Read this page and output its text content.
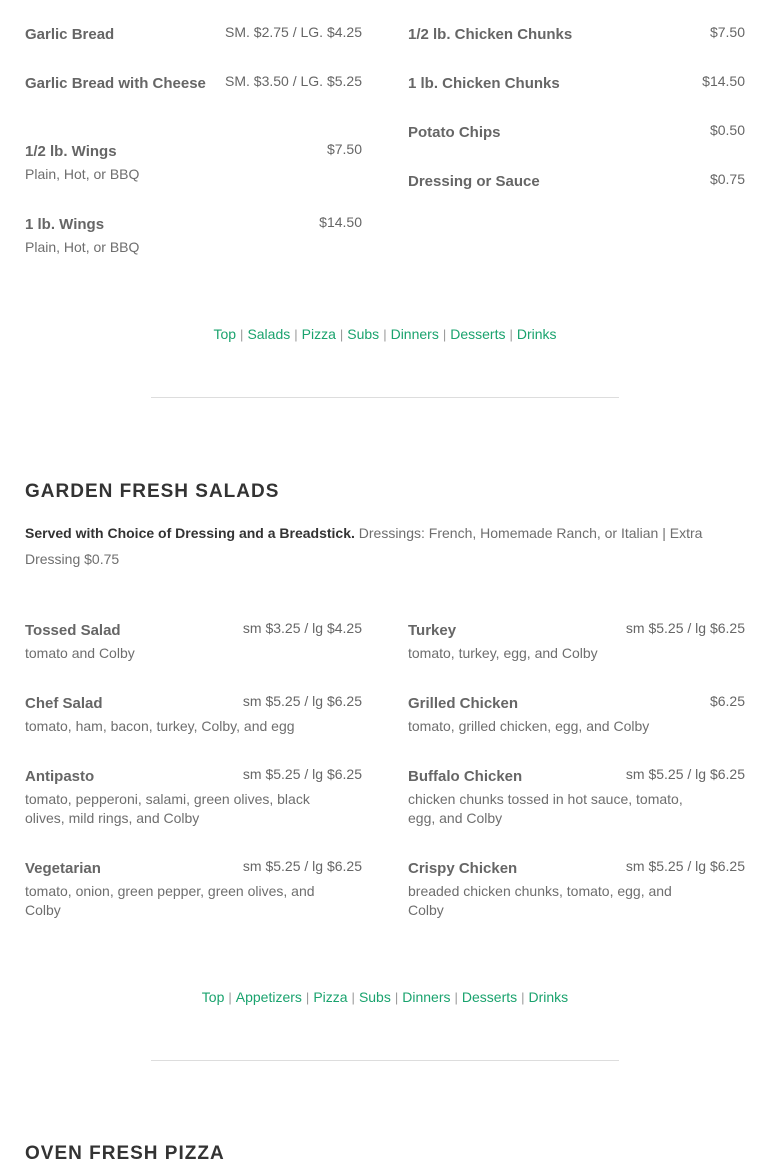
Garlic Bread	SM. $2.75 / LG. $4.25
Garlic Bread with Cheese	SM. $3.50 / LG. $5.25
1/2 lb. Wings	$7.50
Plain, Hot, or BBQ
1 lb. Wings	$14.50
Plain, Hot, or BBQ
1/2 lb. Chicken Chunks	$7.50
1 lb. Chicken Chunks	$14.50
Potato Chips	$0.50
Dressing or Sauce	$0.75
Top | Salads | Pizza | Subs | Dinners | Desserts | Drinks
GARDEN FRESH SALADS
Served with Choice of Dressing and a Breadstick. Dressings: French, Homemade Ranch, or Italian | Extra Dressing $0.75
Tossed Salad	sm $3.25 / lg $4.25
tomato and Colby
Chef Salad	sm $5.25 / lg $6.25
tomato, ham, bacon, turkey, Colby, and egg
Antipasto	sm $5.25 / lg $6.25
tomato, pepperoni, salami, green olives, black olives, mild rings, and Colby
Vegetarian	sm $5.25 / lg $6.25
tomato, onion, green pepper, green olives, and Colby
Turkey	sm $5.25 / lg $6.25
tomato, turkey, egg, and Colby
Grilled Chicken	$6.25
tomato, grilled chicken, egg, and Colby
Buffalo Chicken	sm $5.25 / lg $6.25
chicken chunks tossed in hot sauce, tomato, egg, and Colby
Crispy Chicken	sm $5.25 / lg $6.25
breaded chicken chunks, tomato, egg, and Colby
Top | Appetizers | Pizza | Subs | Dinners | Desserts | Drinks
OVEN FRESH PIZZA
